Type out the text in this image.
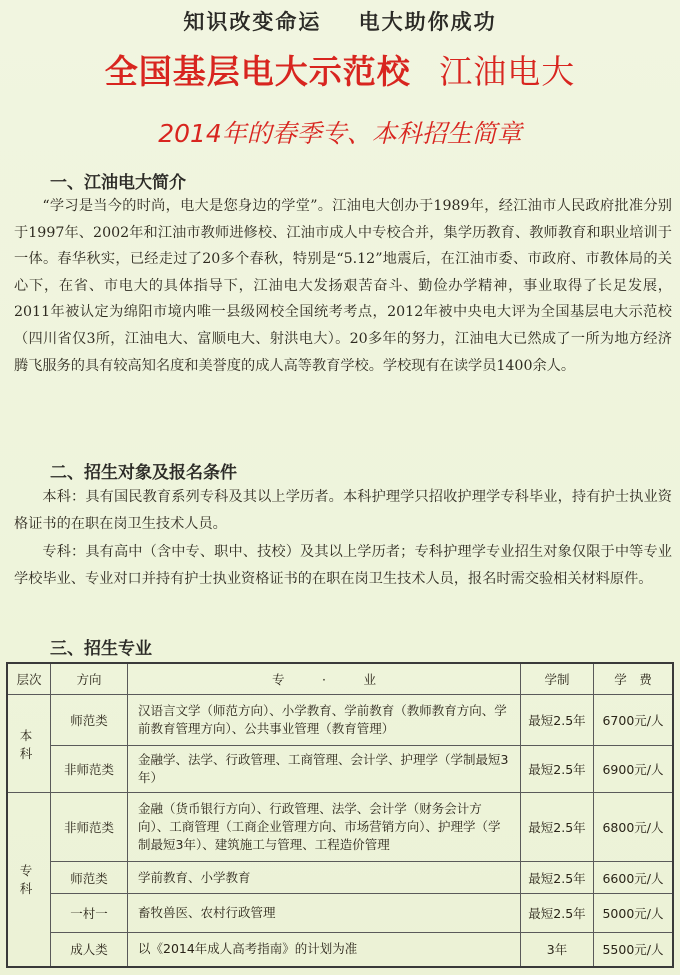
知识改变命运 电大助你成功
全国基层电大示范校 江油电大
2014年的春季专、本科招生简章
一、江油电大简介
“学习是当今的时尚，电大是您身边的学堂”。江油电大创办于1989年，经江油市人民政府批准分别于1997年、2002年和江油市教师进修校、江油市成人中专校合并，集学历教育、教师教育和职业培训于一体。春华秋实，已经走过了20多个春秋，特别是“5.12”地震后，在江油市委、市政府、市教体局的关心下，在省、市电大的具体指导下，江油电大发扬艰苦奋斗、勤俭办学精神，事业取得了长足发展，2011年被认定为绵阳市境内唯一县级网校全国统考考点，2012年被中央电大评为全国基层电大示范校（四川省仅3所，江油电大、富顺电大、射洪电大）。20多年的努力，江油电大已然成了一所为地方经济腾飞服务的具有较高知名度和美誉度的成人高等教育学校。学校现有在读学员1400余人。
二、招生对象及报名条件
本科：具有国民教育系列专科及其以上学历者。本科护理学只招收护理学专科毕业，持有护士执业资格证书的在职在岗卫生技术人员。
专科：具有高中（含中专、职中、技校）及其以上学历者；专科护理学专业招生对象仅限于中等专业学校毕业、专业对口并持有护士执业资格证书的在职在岗卫生技术人员，报名时需交验相关材料原件。
三、招生专业
层次	方向	专　　　·　　　业	学制	学　费
本科	师范类	汉语言文学（师范方向）、小学教育、学前教育（教师教育方向、学前教育管理方向）、公共事业管理（教育管理）	最短2.5年	6700元/人
	非师范类	金融学、法学、行政管理、工商管理、会计学、护理学（学制最短3年）	最短2.5年	6900元/人
专科	非师范类	金融（货币银行方向）、行政管理、法学、会计学（财务会计方向）、工商管理（工商企业管理方向、市场营销方向）、护理学（学制最短3年）、建筑施工与管理、工程造价管理	最短2.5年	6800元/人
	师范类	学前教育、小学教育	最短2.5年	6600元/人
	一村一	畜牧兽医、农村行政管理	最短2.5年	5000元/人
	成人类	以《2014年成人高考指南》的计划为准	3年	5500元/人
